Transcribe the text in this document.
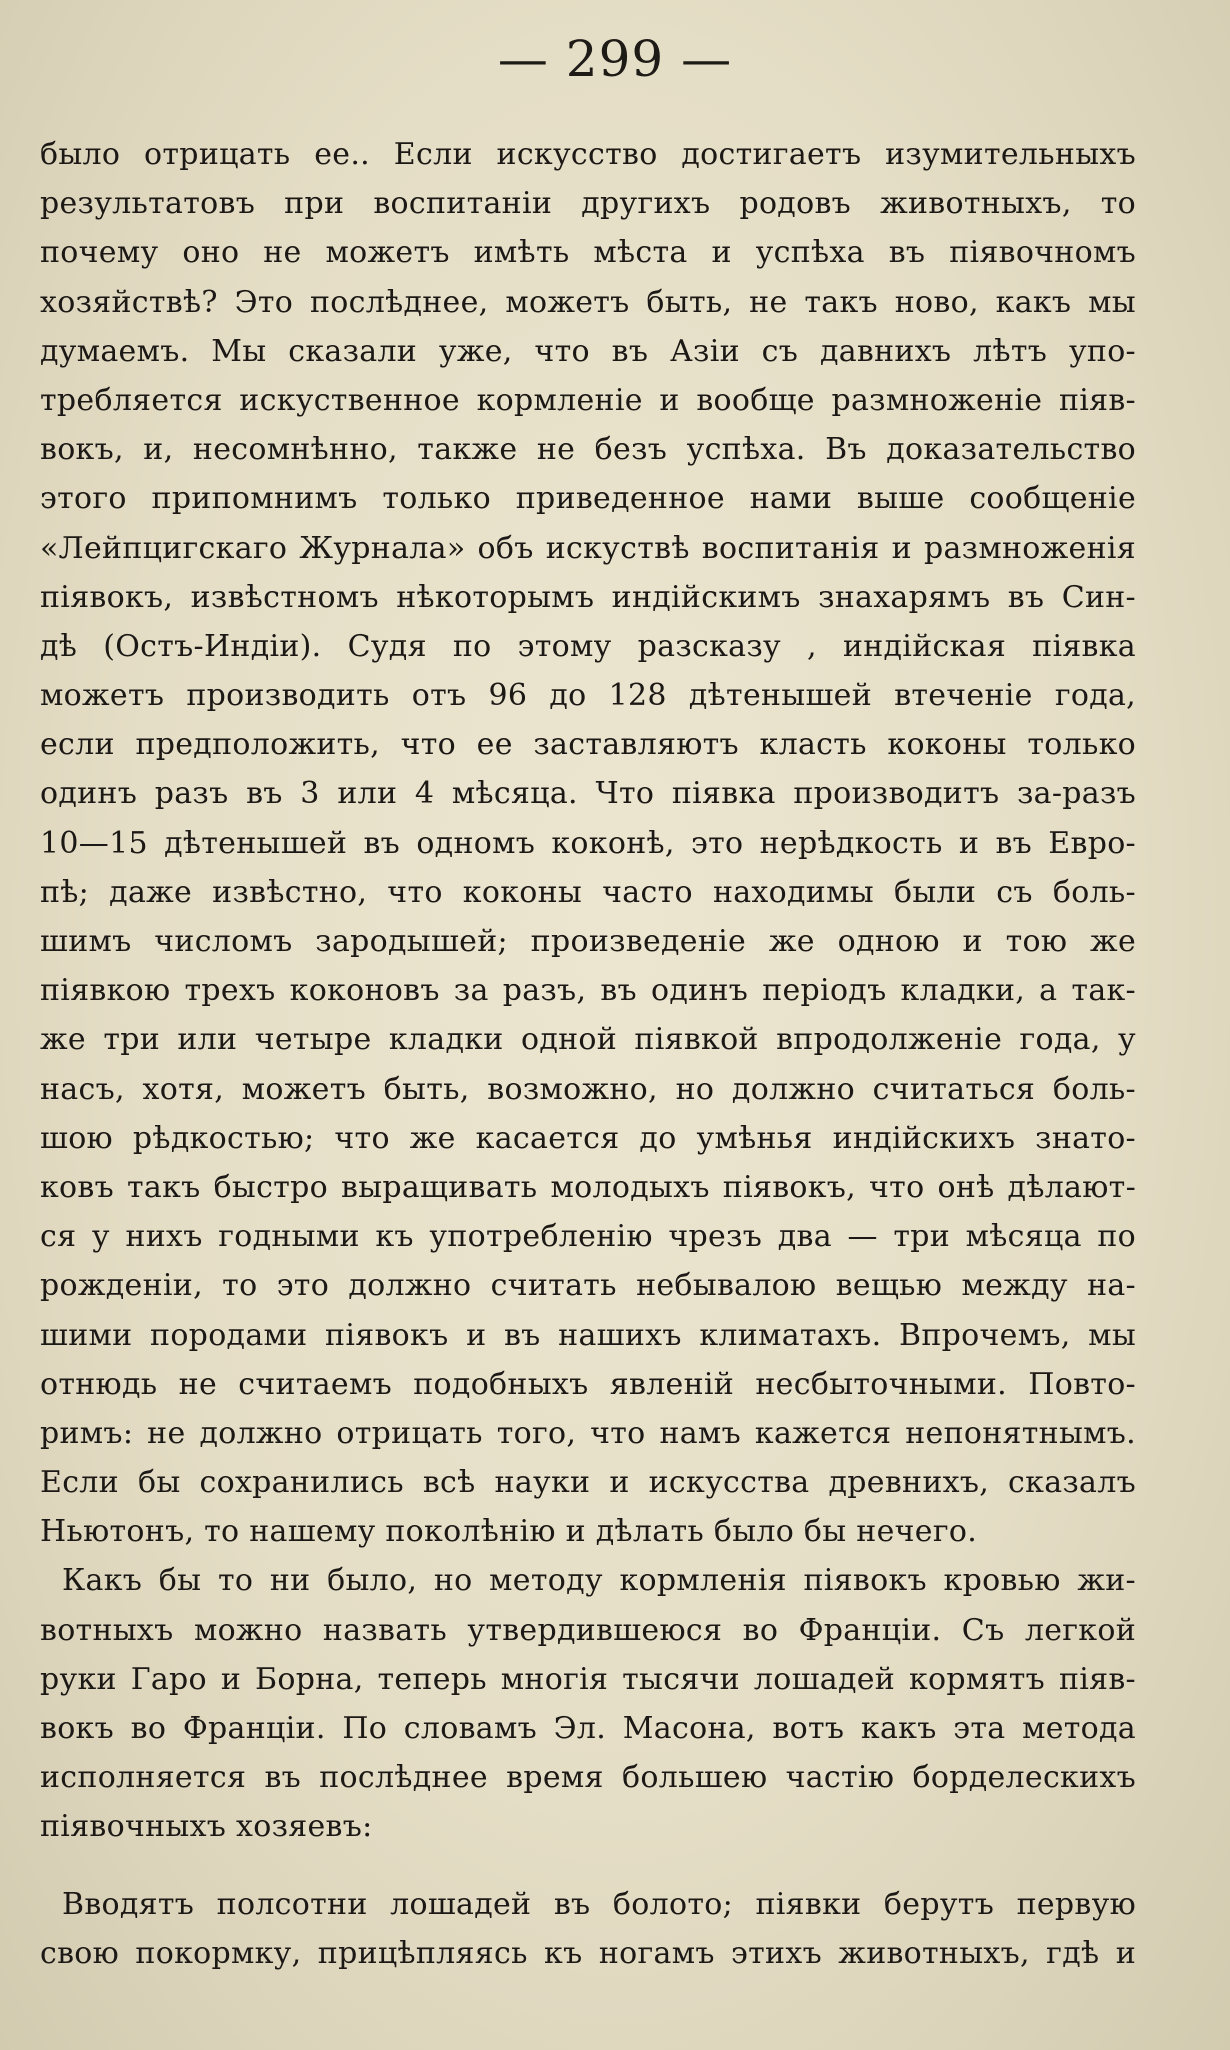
— 299 —
было отрицать ее.. Если искусство достигаетъ изумительныхъ
результатовъ при воспитаніи другихъ родовъ животныхъ, то
почему оно не можетъ имѣть мѣста и успѣха въ піявочномъ
хозяйствѣ? Это послѣднее, можетъ быть, не такъ ново, какъ мы
думаемъ. Мы сказали уже, что въ Азіи съ давнихъ лѣтъ упо-
требляется искуственное кормленіе и вообще размноженіе піяв-
вокъ, и, несомнѣнно, также не безъ успѣха. Въ доказательство
этого припомнимъ только приведенное нами выше сообщеніе
«Лейпцигскаго Журнала» объ искуствѣ воспитанія и размноженія
піявокъ, извѣстномъ нѣкоторымъ индійскимъ знахарямъ въ Син-
дѣ (Остъ-Индіи). Судя по этому разсказу , индійская піявка
можетъ производить отъ 96 до 128 дѣтенышей втеченіе года,
если предположить, что ее заставляютъ класть коконы только
одинъ разъ въ 3 или 4 мѣсяца. Что піявка производитъ за-разъ
10—15 дѣтенышей въ одномъ коконѣ, это нерѣдкость и въ Евро-
пѣ; даже извѣстно, что коконы часто находимы были съ боль-
шимъ числомъ зародышей; произведеніе же одною и тою же
піявкою трехъ коконовъ за разъ, въ одинъ періодъ кладки, а так-
же три или четыре кладки одной піявкой впродолженіе года, у
насъ, хотя, можетъ быть, возможно, но должно считаться боль-
шою рѣдкостью; что же касается до умѣнья индійскихъ знато-
ковъ такъ быстро выращивать молодыхъ піявокъ, что онѣ дѣлают-
ся у нихъ годными къ употребленію чрезъ два — три мѣсяца по
рожденіи, то это должно считать небывалою вещью между на-
шими породами піявокъ и въ нашихъ климатахъ. Впрочемъ, мы
отнюдь не считаемъ подобныхъ явленій несбыточными. Повто-
римъ: не должно отрицать того, что намъ кажется непонятнымъ.
Если бы сохранились всѣ науки и искусства древнихъ, сказалъ
Ньютонъ, то нашему поколѣнію и дѣлать было бы нечего.
Какъ бы то ни было, но методу кормленія піявокъ кровью жи-
вотныхъ можно назвать утвердившеюся во Франціи. Съ легкой
руки Гаро и Борна, теперь многія тысячи лошадей кормятъ піяв-
вокъ во Франціи. По словамъ Эл. Масона, вотъ какъ эта метода
исполняется въ послѣднее время большею частію борделескихъ
піявочныхъ хозяевъ:
Вводятъ полсотни лошадей въ болото; піявки берутъ первую
свою покормку, прицѣпляясь къ ногамъ этихъ животныхъ, гдѣ и
